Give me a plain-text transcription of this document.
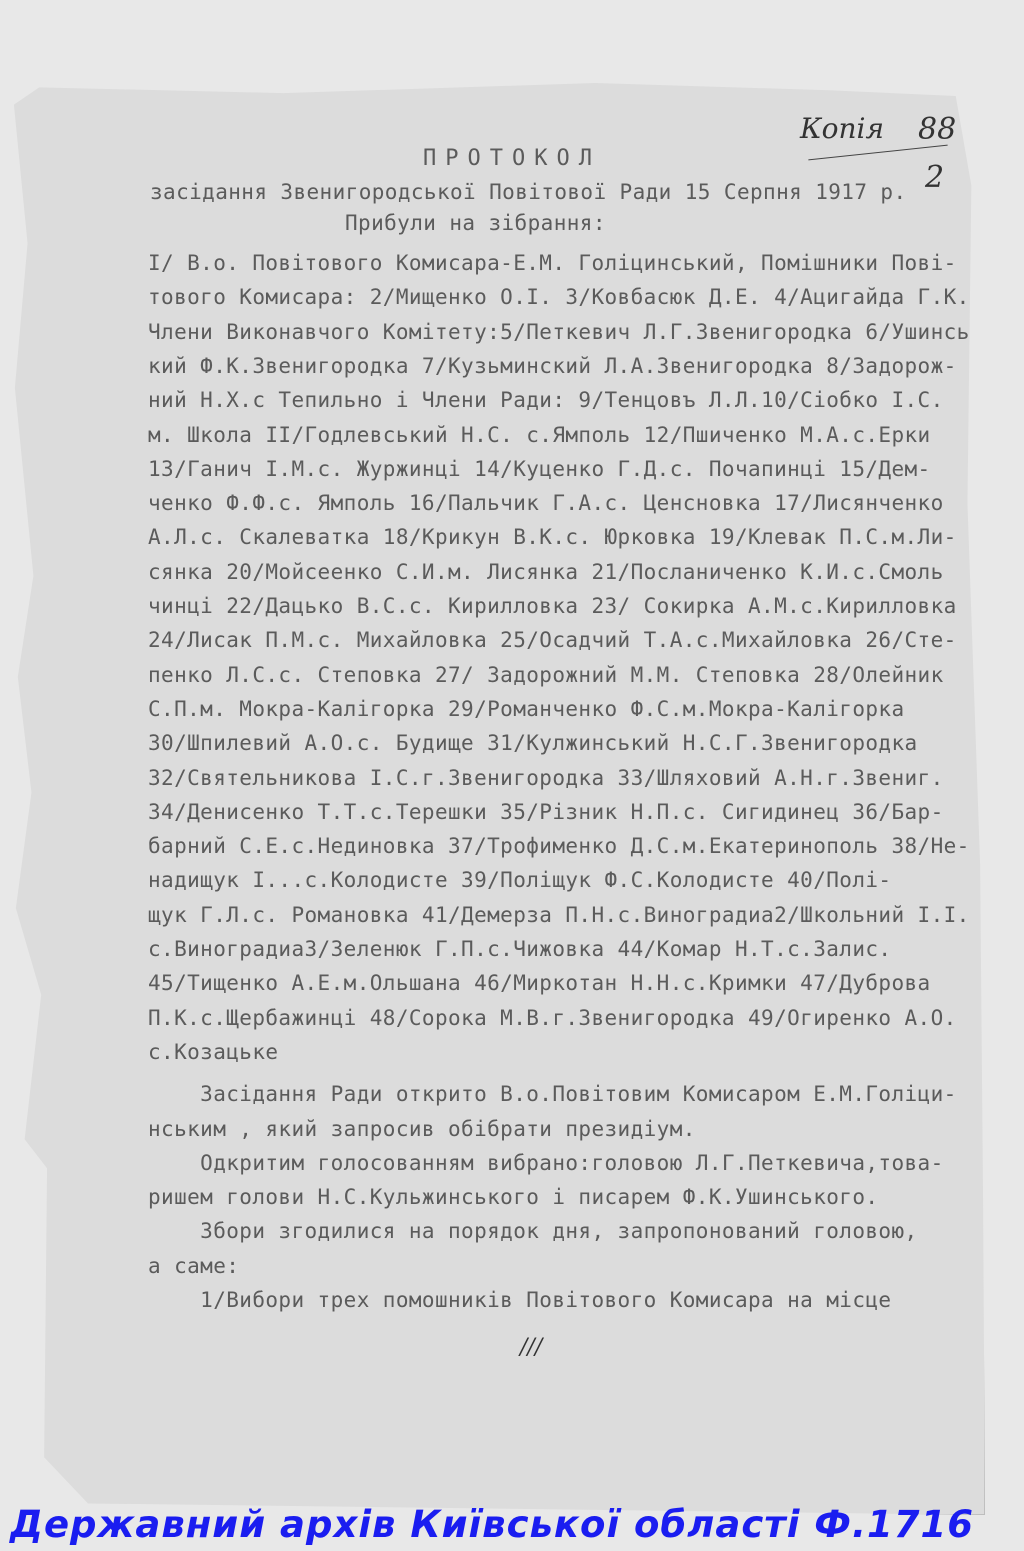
Копія 88
2
ПРОТОКОЛ
засідання Звенигородської Повітової Ради 15 Серпня 1917 р.
Прибули на зібрання:
I/ В.о. Повітового Комисара-Е.М. Голіцинський, Помішники Пові-
тового Комисара: 2/Мищенко О.І. 3/Ковбасюк Д.Е. 4/Ацигайда Г.К.
Члени Виконавчого Комітету:5/Петкевич Л.Г.Звенигородка 6/Ушинсь
кий Ф.К.Звенигородка 7/Кузьминский Л.А.Звенигородка 8/Задорож-
ний Н.Х.с Тепильно і Члени Ради: 9/Тенцовъ Л.Л.10/Сiобко I.С.
м. Школа II/Годлевський Н.С. с.Ямполь 12/Пшиченко М.А.с.Ерки
13/Ганич І.М.с. Журжинці 14/Куценко Г.Д.с. Почапинці 15/Дем-
ченко Ф.Ф.с. Ямполь 16/Пальчик Г.А.с. Ценсновка 17/Лисянченко
А.Л.с. Скалеватка 18/Крикун В.К.с. Юрковка 19/Клевак П.С.м.Ли-
сянка 20/Мойсеенко С.И.м. Лисянка 21/Посланиченко К.И.с.Смоль
чинці 22/Дацько В.С.с. Кирилловка 23/ Сокирка А.М.с.Кирилловка
24/Лисак П.М.с. Михайловка 25/Осадчий Т.А.с.Михайловка 26/Сте-
пенко Л.С.с. Степовка 27/ Задорожний М.М. Степовка 28/Олейник
С.П.м. Мокра-Калігорка 29/Романченко Ф.С.м.Мокра-Калігорка
30/Шпилевий А.О.с. Будище 31/Кулжинський Н.С.Г.Звенигородка
32/Святельникова І.С.г.Звенигородка 33/Шляховий А.Н.г.Звениг.
34/Денисенко Т.Т.с.Терешки 35/Різник Н.П.с. Сигидинец 36/Бар-
барний С.Е.с.Нединовка 37/Трофименко Д.С.м.Екатеринополь 38/Не-
надищук І...с.Колодисте 39/Поліщук Ф.С.Колодисте 40/Полі-
щук Г.Л.с. Романовка 41/Демерза П.Н.с.Виноградиа2/Школьний І.І.
с.Виноградиа3/Зеленюк Г.П.с.Чижовка 44/Комар Н.Т.с.Залис.
45/Тищенко А.Е.м.Ольшана 46/Миркотан Н.Н.с.Кримки 47/Дуброва
П.К.с.Щербажинці 48/Сорока М.В.г.Звенигородка 49/Огиренко А.О.
с.Козацьке
Засідання Ради открито В.о.Повітовим Комисаром Е.М.Голіци-
нським , який запросив обібрати президіум.
Одкритим голосованням вибрано:головою Л.Г.Петкевича,това-
ришем голови Н.С.Кульжинського і писарем Ф.К.Ушинського.
Збори згодилися на порядок дня, запропонований головою,
а саме:
1/Вибори трех помошників Повітового Комисара на місце
///
Державний архів Київської області Ф.1716
